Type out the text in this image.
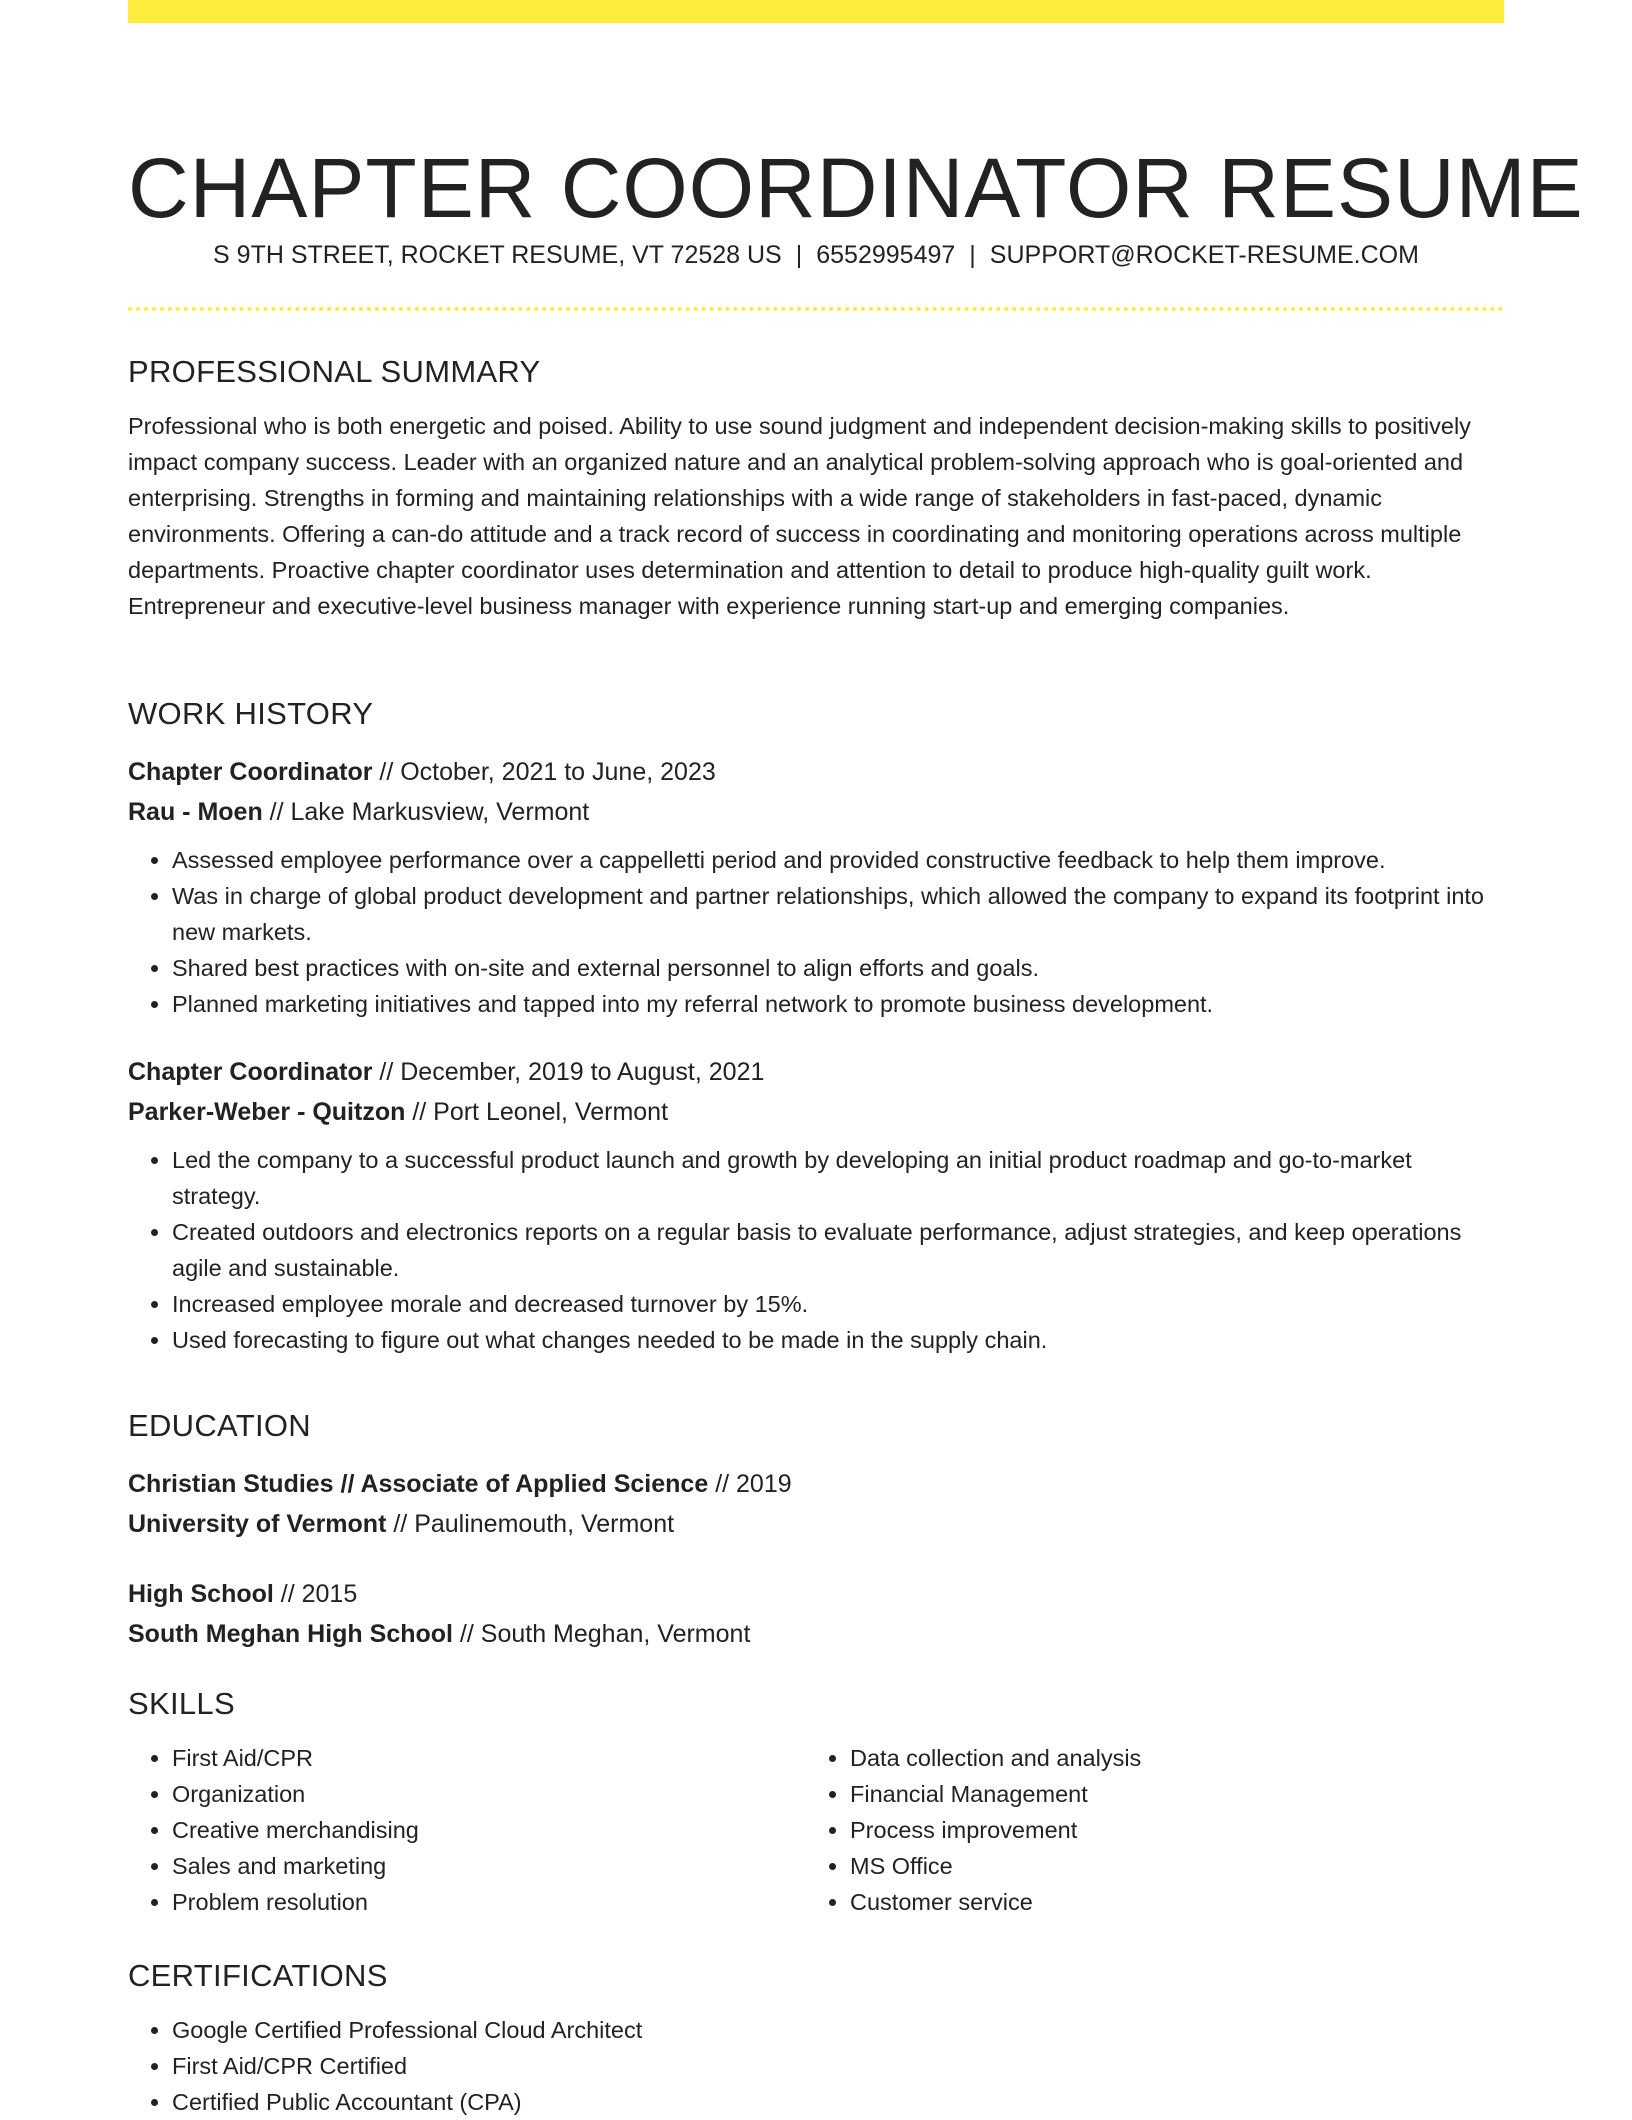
CHAPTER COORDINATOR RESUME
S 9TH STREET, ROCKET RESUME, VT 72528 US | 6552995497 | SUPPORT@ROCKET-RESUME.COM
PROFESSIONAL SUMMARY

Professional who is both energetic and poised. Ability to use sound judgment and independent decision-making skills to positively impact company success. Leader with an organized nature and an analytical problem-solving approach who is goal-oriented and enterprising. Strengths in forming and maintaining relationships with a wide range of stakeholders in fast-paced, dynamic environments. Offering a can-do attitude and a track record of success in coordinating and monitoring operations across multiple departments. Proactive chapter coordinator uses determination and attention to detail to produce high-quality guilt work. Entrepreneur and executive-level business manager with experience running start-up and emerging companies.

WORK HISTORY

Chapter Coordinator // October, 2021 to June, 2023

Rau - Moen // Lake Markusview, Vermont

• Assessed employee performance over a cappelletti period and provided constructive feedback to help them improve.
• Was in charge of global product development and partner relationships, which allowed the company to expand its footprint into new markets.
• Shared best practices with on-site and external personnel to align efforts and goals.
• Planned marketing initiatives and tapped into my referral network to promote business development.

Chapter Coordinator // December, 2019 to August, 2021

Parker-Weber - Quitzon // Port Leonel, Vermont

• Led the company to a successful product launch and growth by developing an initial product roadmap and go-to-market strategy.
• Created outdoors and electronics reports on a regular basis to evaluate performance, adjust strategies, and keep operations agile and sustainable.
• Increased employee morale and decreased turnover by 15%.
• Used forecasting to figure out what changes needed to be made in the supply chain.
EDUCATION

Christian Studies // Associate of Applied Science // 2019

University of Vermont // Paulinemouth, Vermont

High School // 2015

South Meghan High School // South Meghan, Vermont

SKILLS
• First Aid/CPR
• Organization
• Creative merchandising
• Sales and marketing
• Problem resolution
• Data collection and analysis
• Financial Management
• Process improvement
• MS Office
• Customer service
CERTIFICATIONS
• Google Certified Professional Cloud Architect
• First Aid/CPR Certified
• Certified Public Accountant (CPA)
